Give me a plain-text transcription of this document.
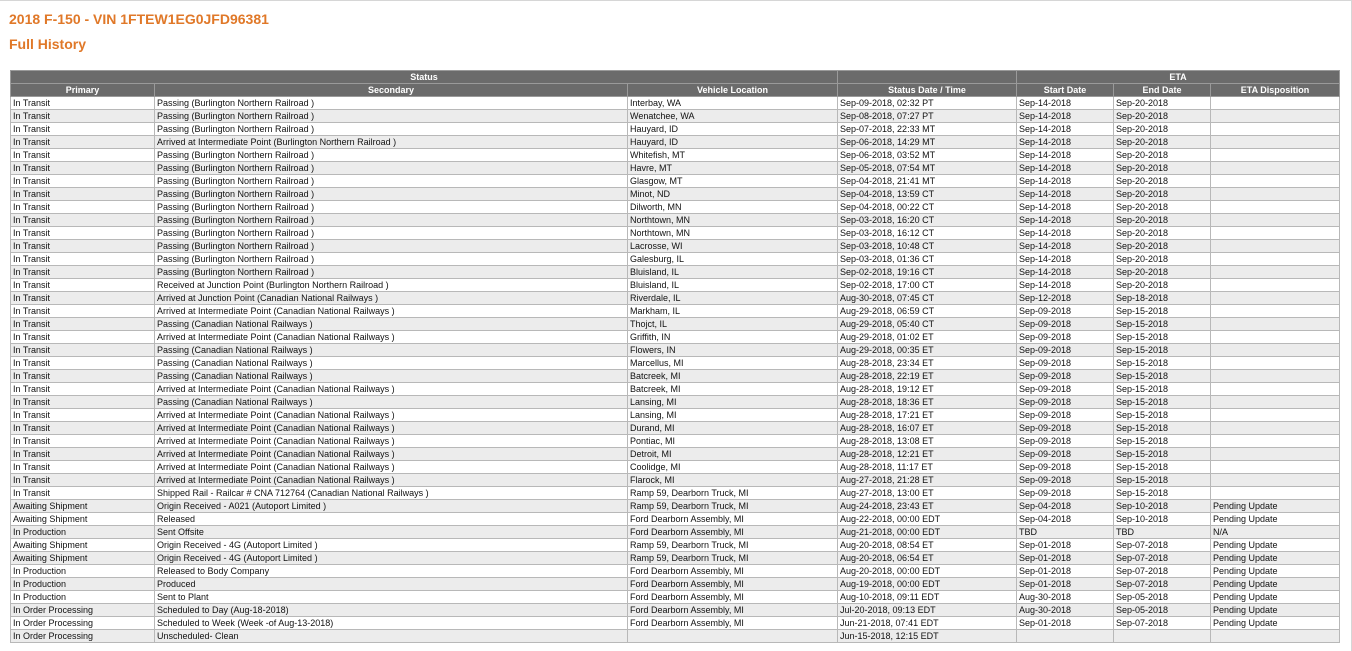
2018 F-150 - VIN 1FTEW1EG0JFD96381
Full History
Status				ETA		
Primary	Secondary	Vehicle Location	Status Date / Time	Start Date	End Date	ETA Disposition
In Transit	Passing (Burlington Northern Railroad )	Interbay, WA	Sep-09-2018, 02:32 PT	Sep-14-2018	Sep-20-2018	
In Transit	Passing (Burlington Northern Railroad )	Wenatchee, WA	Sep-08-2018, 07:27 PT	Sep-14-2018	Sep-20-2018	
In Transit	Passing (Burlington Northern Railroad )	Hauyard, ID	Sep-07-2018, 22:33 MT	Sep-14-2018	Sep-20-2018	
In Transit	Arrived at Intermediate Point (Burlington Northern Railroad )	Hauyard, ID	Sep-06-2018, 14:29 MT	Sep-14-2018	Sep-20-2018	
In Transit	Passing (Burlington Northern Railroad )	Whitefish, MT	Sep-06-2018, 03:52 MT	Sep-14-2018	Sep-20-2018	
In Transit	Passing (Burlington Northern Railroad )	Havre, MT	Sep-05-2018, 07:54 MT	Sep-14-2018	Sep-20-2018	
In Transit	Passing (Burlington Northern Railroad )	Glasgow, MT	Sep-04-2018, 21:41 MT	Sep-14-2018	Sep-20-2018	
In Transit	Passing (Burlington Northern Railroad )	Minot, ND	Sep-04-2018, 13:59 CT	Sep-14-2018	Sep-20-2018	
In Transit	Passing (Burlington Northern Railroad )	Dilworth, MN	Sep-04-2018, 00:22 CT	Sep-14-2018	Sep-20-2018	
In Transit	Passing (Burlington Northern Railroad )	Northtown, MN	Sep-03-2018, 16:20 CT	Sep-14-2018	Sep-20-2018	
In Transit	Passing (Burlington Northern Railroad )	Northtown, MN	Sep-03-2018, 16:12 CT	Sep-14-2018	Sep-20-2018	
In Transit	Passing (Burlington Northern Railroad )	Lacrosse, WI	Sep-03-2018, 10:48 CT	Sep-14-2018	Sep-20-2018	
In Transit	Passing (Burlington Northern Railroad )	Galesburg, IL	Sep-03-2018, 01:36 CT	Sep-14-2018	Sep-20-2018	
In Transit	Passing (Burlington Northern Railroad )	Bluisland, IL	Sep-02-2018, 19:16 CT	Sep-14-2018	Sep-20-2018	
In Transit	Received at Junction Point (Burlington Northern Railroad )	Bluisland, IL	Sep-02-2018, 17:00 CT	Sep-14-2018	Sep-20-2018	
In Transit	Arrived at Junction Point (Canadian National Railways )	Riverdale, IL	Aug-30-2018, 07:45 CT	Sep-12-2018	Sep-18-2018	
In Transit	Arrived at Intermediate Point (Canadian National Railways )	Markham, IL	Aug-29-2018, 06:59 CT	Sep-09-2018	Sep-15-2018	
In Transit	Passing (Canadian National Railways )	Thojct, IL	Aug-29-2018, 05:40 CT	Sep-09-2018	Sep-15-2018	
In Transit	Arrived at Intermediate Point (Canadian National Railways )	Griffith, IN	Aug-29-2018, 01:02 ET	Sep-09-2018	Sep-15-2018	
In Transit	Passing (Canadian National Railways )	Flowers, IN	Aug-29-2018, 00:35 ET	Sep-09-2018	Sep-15-2018	
In Transit	Passing (Canadian National Railways )	Marcellus, MI	Aug-28-2018, 23:34 ET	Sep-09-2018	Sep-15-2018	
In Transit	Passing (Canadian National Railways )	Batcreek, MI	Aug-28-2018, 22:19 ET	Sep-09-2018	Sep-15-2018	
In Transit	Arrived at Intermediate Point (Canadian National Railways )	Batcreek, MI	Aug-28-2018, 19:12 ET	Sep-09-2018	Sep-15-2018	
In Transit	Passing (Canadian National Railways )	Lansing, MI	Aug-28-2018, 18:36 ET	Sep-09-2018	Sep-15-2018	
In Transit	Arrived at Intermediate Point (Canadian National Railways )	Lansing, MI	Aug-28-2018, 17:21 ET	Sep-09-2018	Sep-15-2018	
In Transit	Arrived at Intermediate Point (Canadian National Railways )	Durand, MI	Aug-28-2018, 16:07 ET	Sep-09-2018	Sep-15-2018	
In Transit	Arrived at Intermediate Point (Canadian National Railways )	Pontiac, MI	Aug-28-2018, 13:08 ET	Sep-09-2018	Sep-15-2018	
In Transit	Arrived at Intermediate Point (Canadian National Railways )	Detroit, MI	Aug-28-2018, 12:21 ET	Sep-09-2018	Sep-15-2018	
In Transit	Arrived at Intermediate Point (Canadian National Railways )	Coolidge, MI	Aug-28-2018, 11:17 ET	Sep-09-2018	Sep-15-2018	
In Transit	Arrived at Intermediate Point (Canadian National Railways )	Flarock, MI	Aug-27-2018, 21:28 ET	Sep-09-2018	Sep-15-2018	
In Transit	Shipped Rail - Railcar # CNA 712764 (Canadian National Railways )	Ramp 59, Dearborn Truck, MI	Aug-27-2018, 13:00 ET	Sep-09-2018	Sep-15-2018	
Awaiting Shipment	Origin Received - A021 (Autoport Limited )	Ramp 59, Dearborn Truck, MI	Aug-24-2018, 23:43 ET	Sep-04-2018	Sep-10-2018	Pending Update
Awaiting Shipment	Released	Ford Dearborn Assembly, MI	Aug-22-2018, 00:00 EDT	Sep-04-2018	Sep-10-2018	Pending Update
In Production	Sent Offsite	Ford Dearborn Assembly, MI	Aug-21-2018, 00:00 EDT	TBD	TBD	N/A
Awaiting Shipment	Origin Received - 4G (Autoport Limited )	Ramp 59, Dearborn Truck, MI	Aug-20-2018, 08:54 ET	Sep-01-2018	Sep-07-2018	Pending Update
Awaiting Shipment	Origin Received - 4G (Autoport Limited )	Ramp 59, Dearborn Truck, MI	Aug-20-2018, 06:54 ET	Sep-01-2018	Sep-07-2018	Pending Update
In Production	Released to Body Company	Ford Dearborn Assembly, MI	Aug-20-2018, 00:00 EDT	Sep-01-2018	Sep-07-2018	Pending Update
In Production	Produced	Ford Dearborn Assembly, MI	Aug-19-2018, 00:00 EDT	Sep-01-2018	Sep-07-2018	Pending Update
In Production	Sent to Plant	Ford Dearborn Assembly, MI	Aug-10-2018, 09:11 EDT	Aug-30-2018	Sep-05-2018	Pending Update
In Order Processing	Scheduled to Day (Aug-18-2018)	Ford Dearborn Assembly, MI	Jul-20-2018, 09:13 EDT	Aug-30-2018	Sep-05-2018	Pending Update
In Order Processing	Scheduled to Week (Week -of Aug-13-2018)	Ford Dearborn Assembly, MI	Jun-21-2018, 07:41 EDT	Sep-01-2018	Sep-07-2018	Pending Update
In Order Processing	Unscheduled- Clean		Jun-15-2018, 12:15 EDT			
